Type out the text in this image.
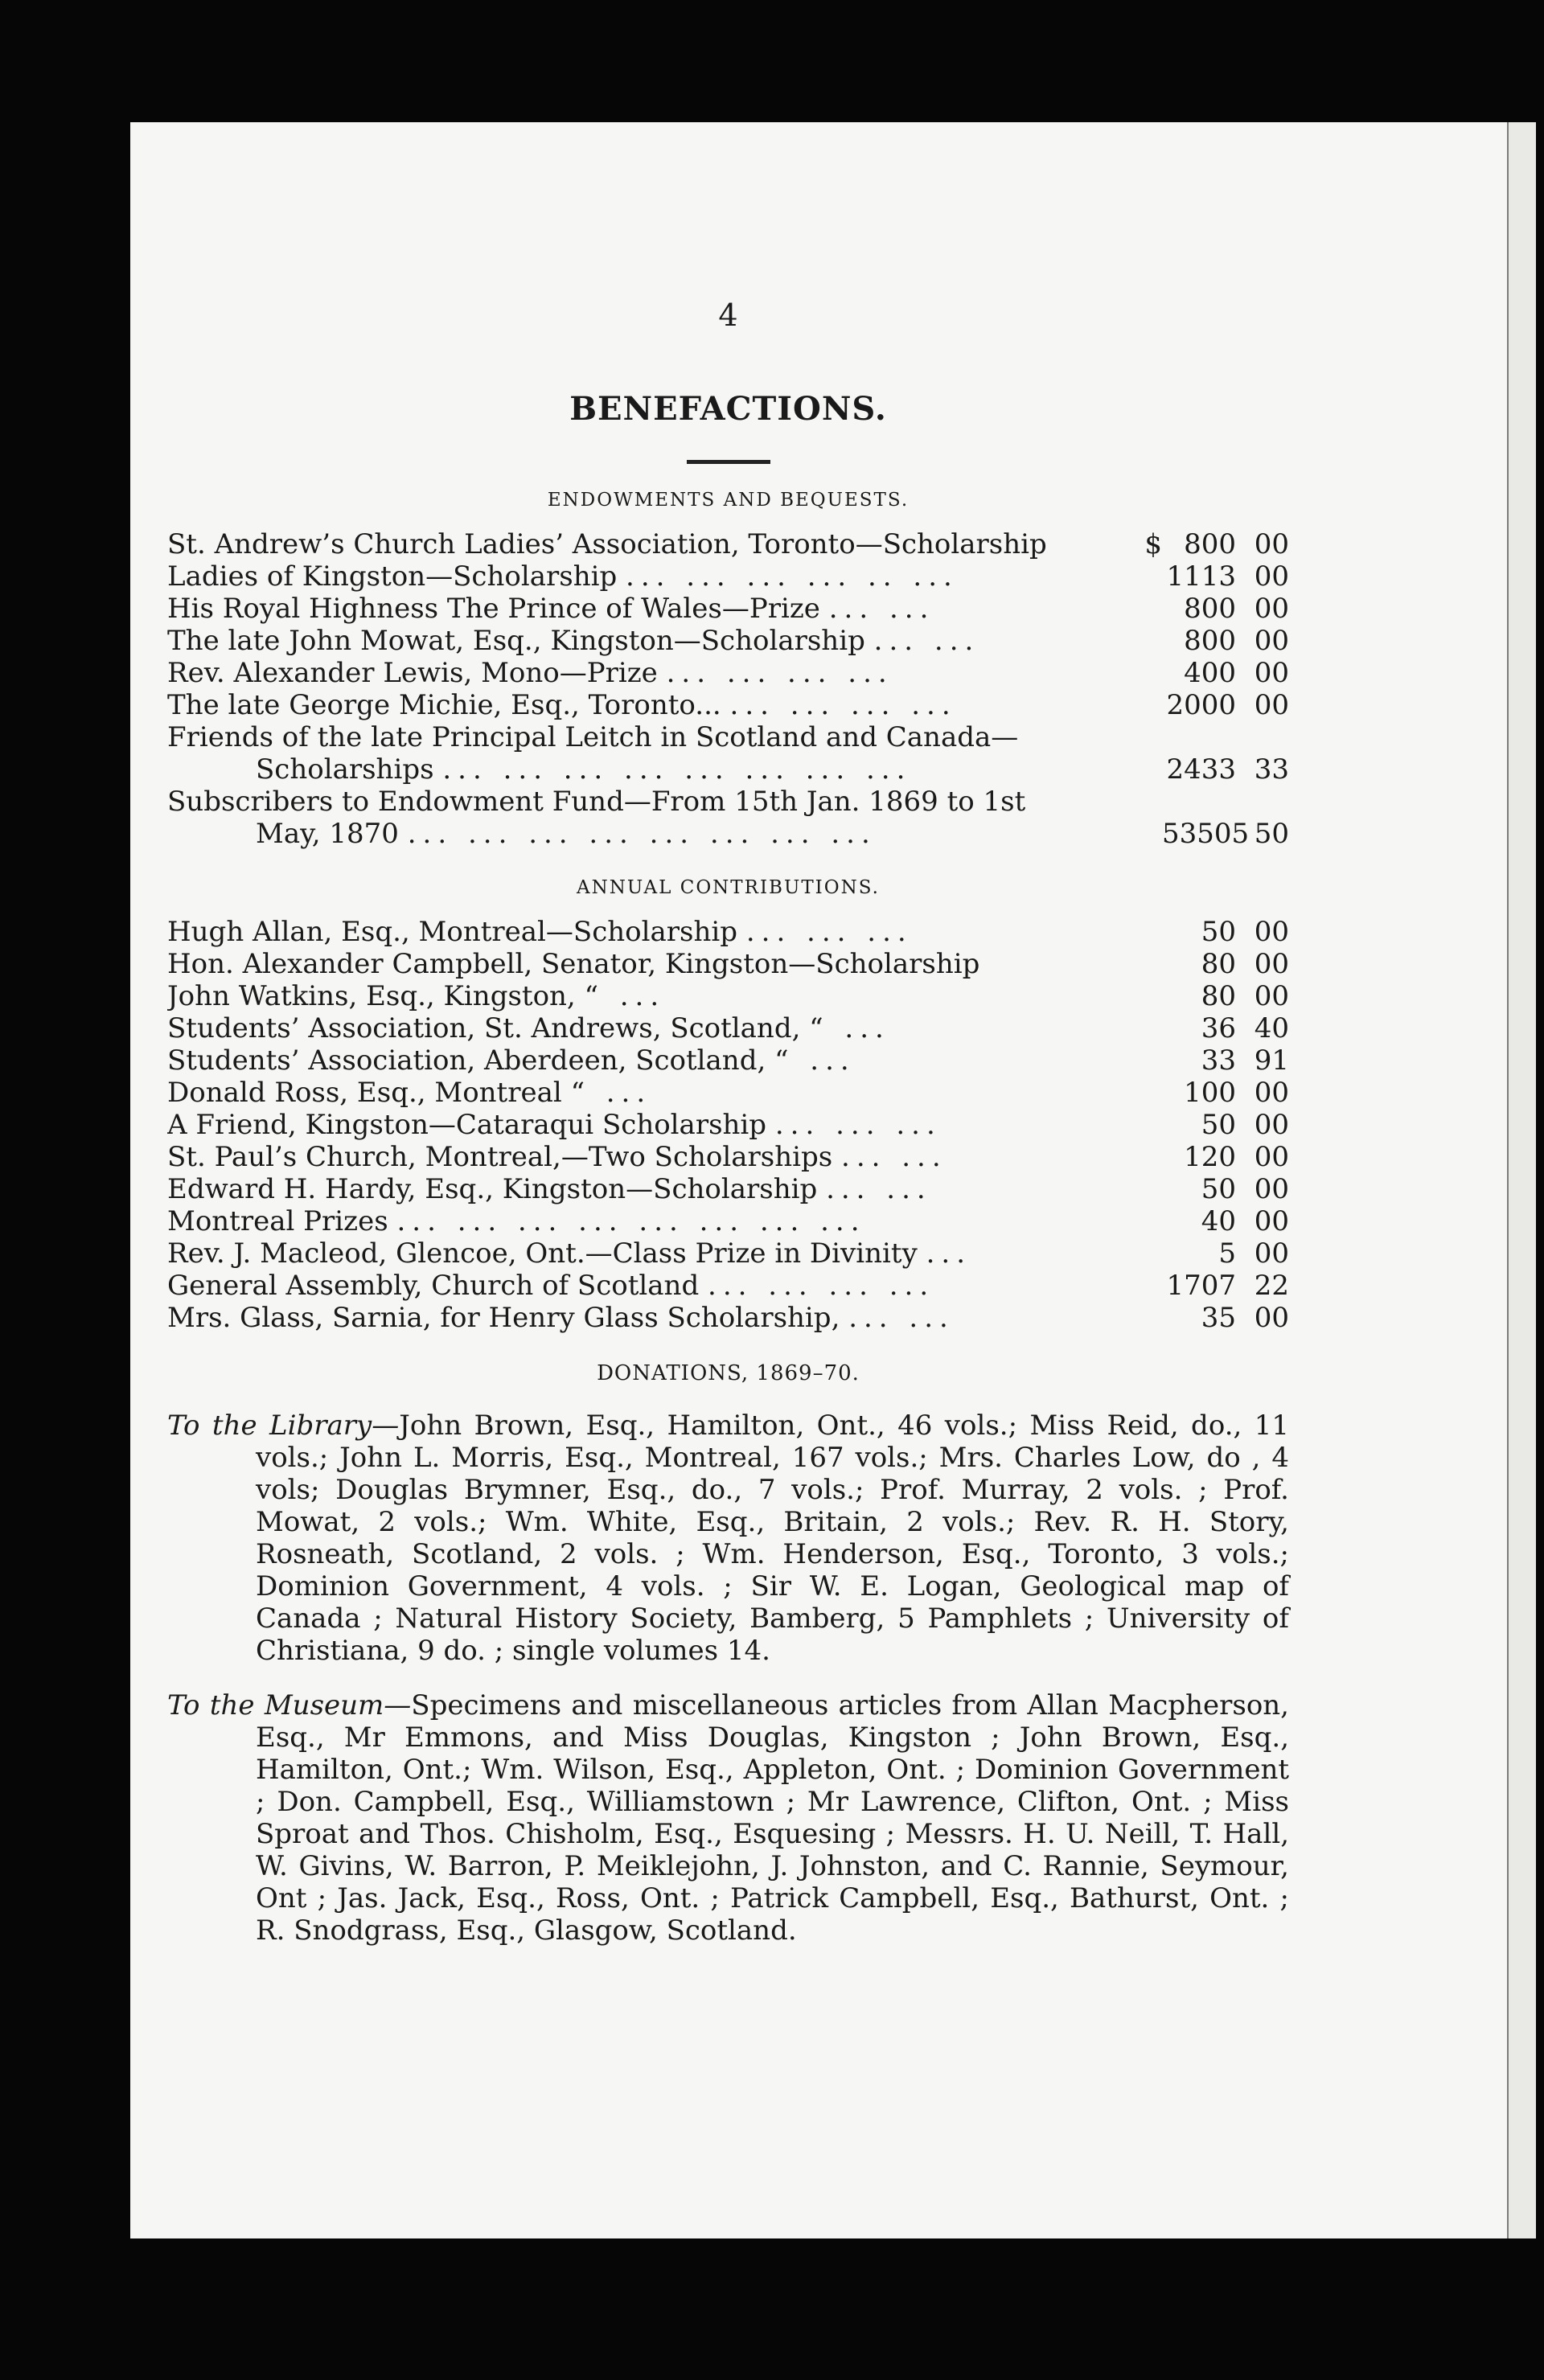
4
BENEFACTIONS.
ENDOWMENTS AND BEQUESTS.
St. Andrew’s Church Ladies’ Association, Toronto—Scholarship	$ 800 00
Ladies of Kingston—Scholarship ... ... ... ... .. ...	1113 00
His Royal Highness The Prince of Wales—Prize ... ...	800 00
The late John Mowat, Esq., Kingston—Scholarship ... ...	800 00
Rev. Alexander Lewis, Mono—Prize ... ... ... ...	400 00
The late George Michie, Esq., Toronto... ... ... ... ...	2000 00
Friends of the late Principal Leitch in Scotland and Canada—
Scholarships ... ... ... ... ... ... ... ...	2433 33
Subscribers to Endowment Fund—From 15th Jan. 1869 to 1st
May, 1870 ... ... ... ... ... ... ... ...	53505 50
ANNUAL CONTRIBUTIONS.
Hugh Allan, Esq., Montreal—Scholarship ... ... ...	50 00
Hon. Alexander Campbell, Senator, Kingston—Scholarship	80 00
John Watkins, Esq., Kingston, “ ...	80 00
Students’ Association, St. Andrews, Scotland, “ ...	36 40
Students’ Association, Aberdeen, Scotland, “ ...	33 91
Donald Ross, Esq., Montreal “ ...	100 00
A Friend, Kingston—Cataraqui Scholarship ... ... ...	50 00
St. Paul’s Church, Montreal,—Two Scholarships ... ...	120 00
Edward H. Hardy, Esq., Kingston—Scholarship ... ...	50 00
Montreal Prizes ... ... ... ... ... ... ... ...	40 00
Rev. J. Macleod, Glencoe, Ont.—Class Prize in Divinity ...	5 00
General Assembly, Church of Scotland ... ... ... ...	1707 22
Mrs. Glass, Sarnia, for Henry Glass Scholarship, ... ...	35 00
DONATIONS, 1869–70.
To the Library—John Brown, Esq., Hamilton, Ont., 46 vols.; Miss Reid, do., 11 vols.; John L. Morris, Esq., Montreal, 167 vols.; Mrs. Charles Low, do , 4 vols; Douglas Brymner, Esq., do., 7 vols.; Prof. Murray, 2 vols. ; Prof. Mowat, 2 vols.; Wm. White, Esq., Britain, 2 vols.; Rev. R. H. Story, Rosneath, Scotland, 2 vols. ; Wm. Henderson, Esq., Toronto, 3 vols.; Dominion Government, 4 vols. ; Sir W. E. Logan, Geological map of Canada ; Natural History Society, Bamberg, 5 Pamphlets ; University of Christiana, 9 do. ; single volumes 14.
To the Museum—Specimens and miscellaneous articles from Allan Macpherson, Esq., Mr Emmons, and Miss Douglas, Kingston ; John Brown, Esq., Hamilton, Ont.; Wm. Wilson, Esq., Appleton, Ont. ; Dominion Government ; Don. Campbell, Esq., Williamstown ; Mr Lawrence, Clifton, Ont. ; Miss Sproat and Thos. Chisholm, Esq., Esquesing ; Messrs. H. U. Neill, T. Hall, W. Givins, W. Barron, P. Meiklejohn, J. Johnston, and C. Rannie, Seymour, Ont ; Jas. Jack, Esq., Ross, Ont. ; Patrick Campbell, Esq., Bathurst, Ont. ; R. Snodgrass, Esq., Glasgow, Scotland.
